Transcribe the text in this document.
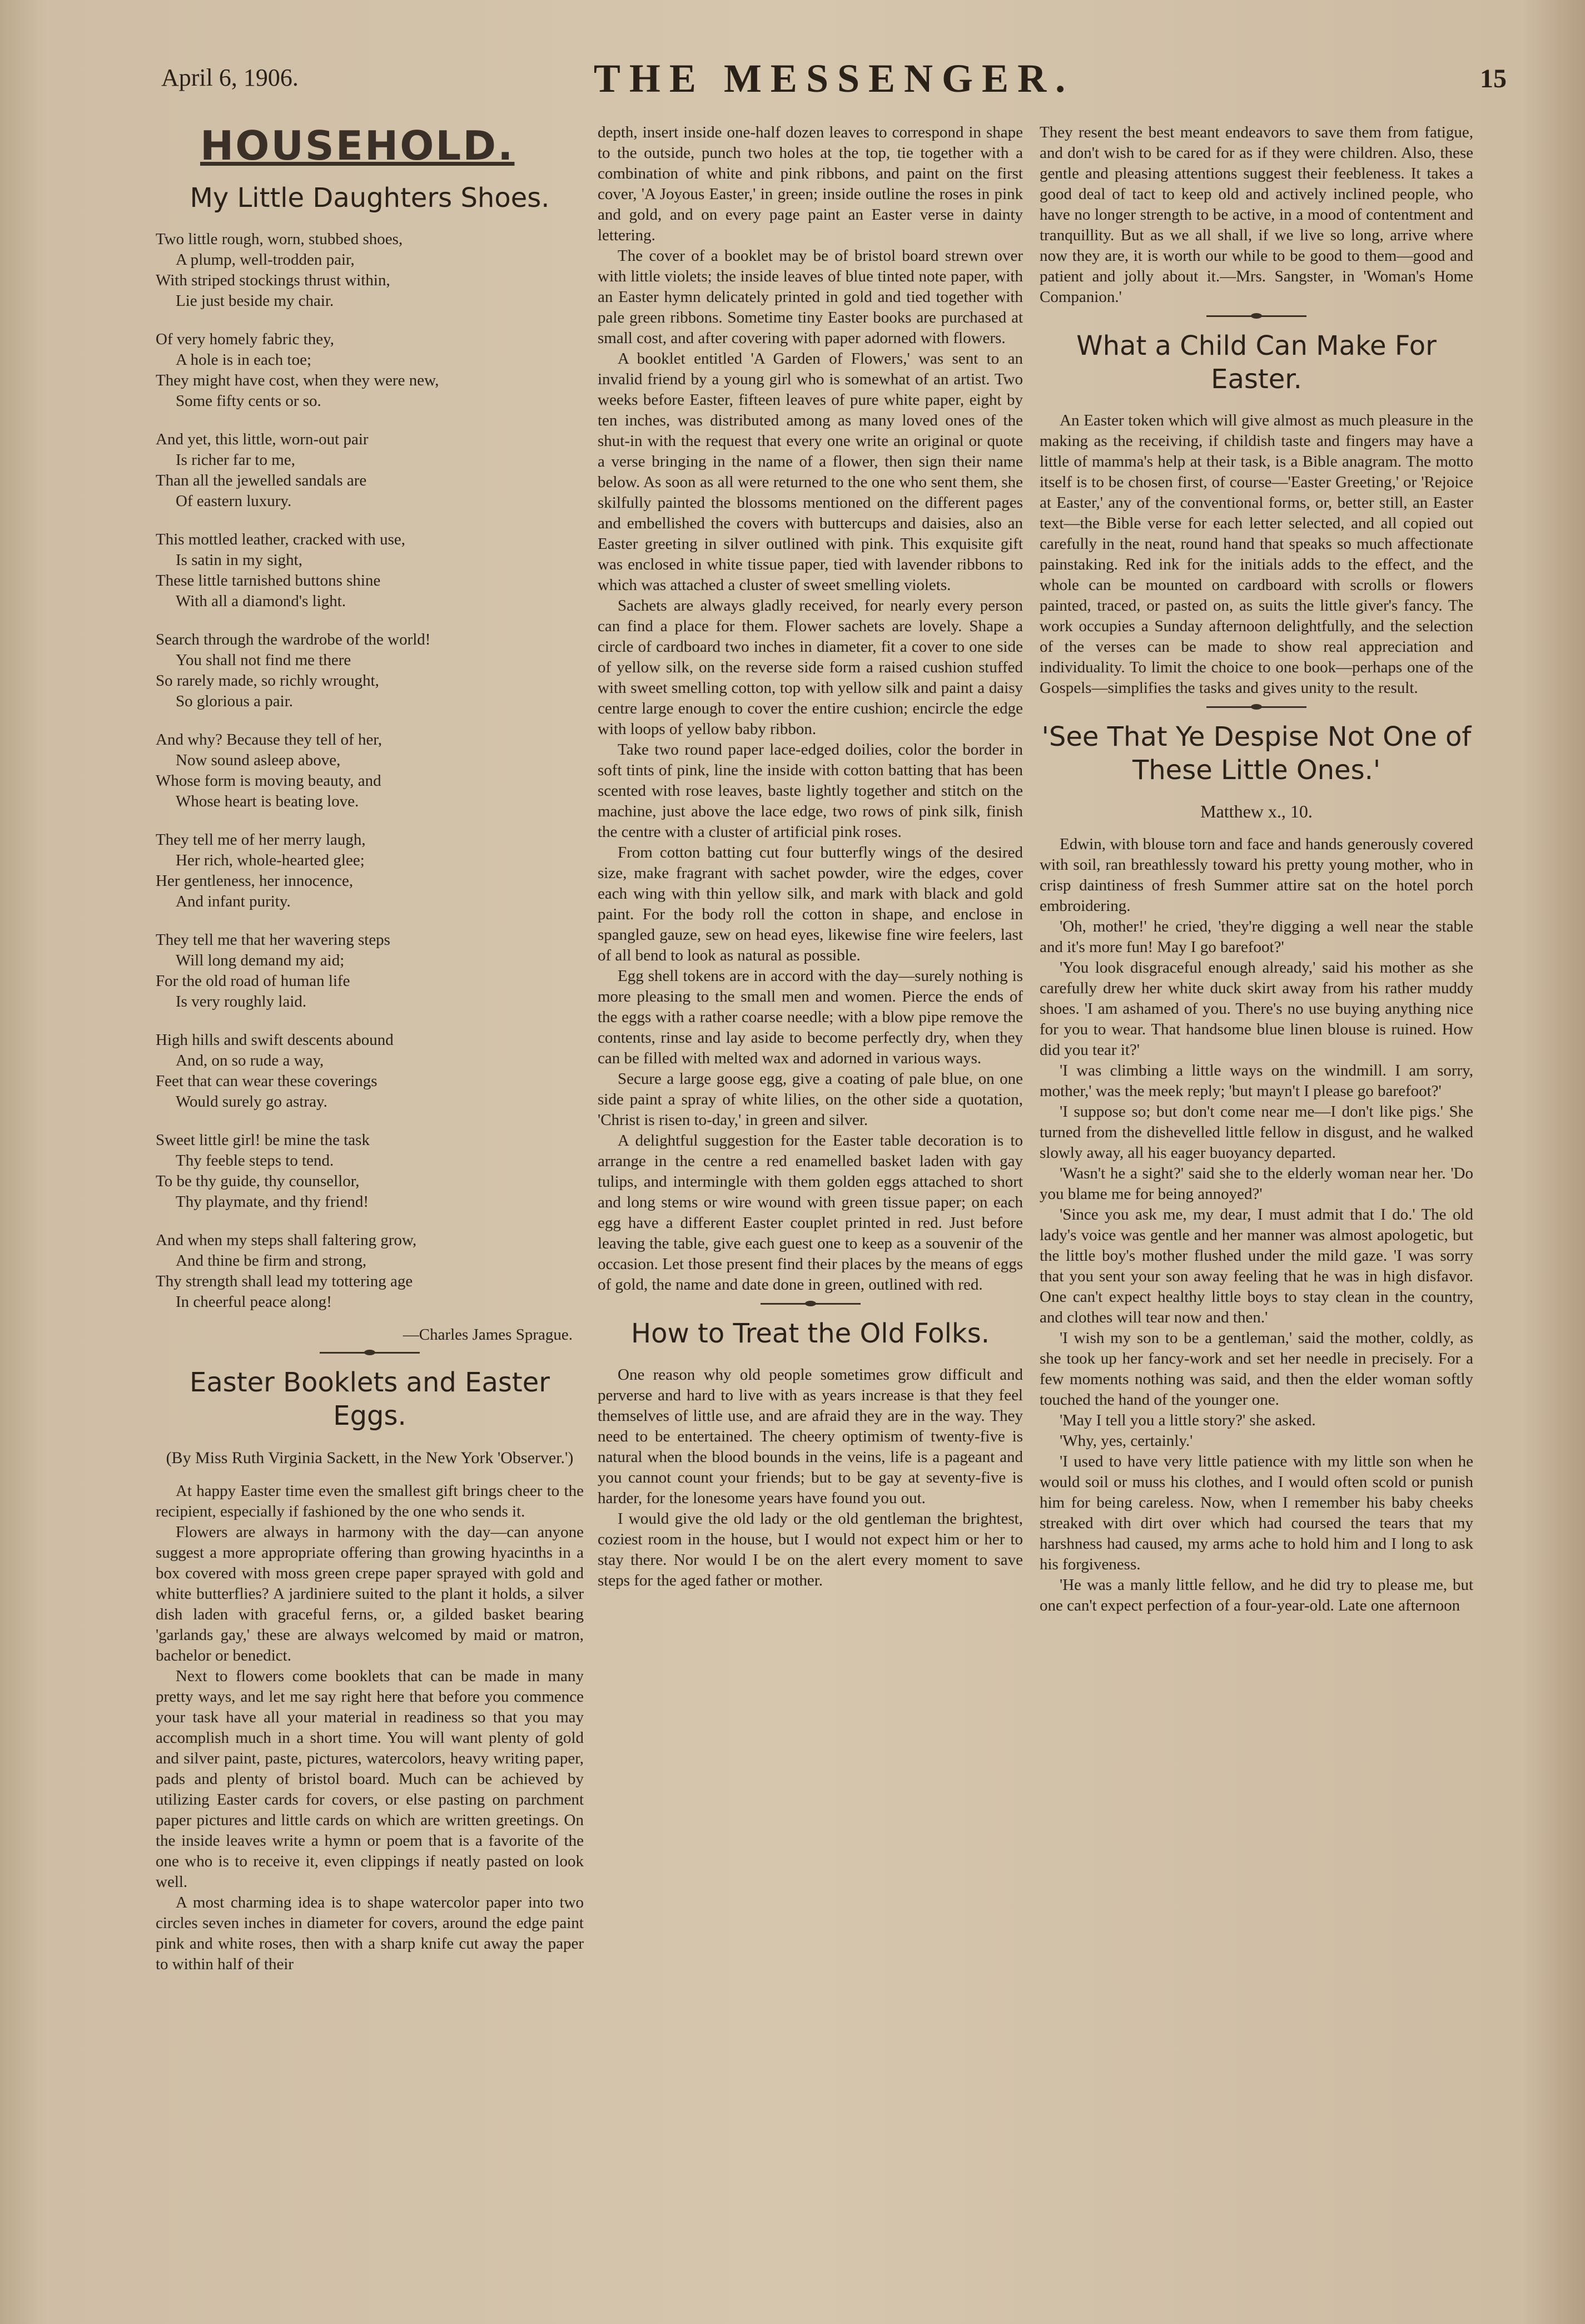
April 6, 1906.	THE MESSENGER.	15
HOUSEHOLD.
My Little Daughters Shoes.
Two little rough, worn, stubbed shoes,
A plump, well-trodden pair,
With striped stockings thrust within,
Lie just beside my chair.
Of very homely fabric they,
A hole is in each toe;
They might have cost, when they were new,
Some fifty cents or so.
And yet, this little, worn-out pair
Is richer far to me,
Than all the jewelled sandals are
Of eastern luxury.
This mottled leather, cracked with use,
Is satin in my sight,
These little tarnished buttons shine
With all a diamond's light.
Search through the wardrobe of the world!
You shall not find me there
So rarely made, so richly wrought,
So glorious a pair.
And why? Because they tell of her,
Now sound asleep above,
Whose form is moving beauty, and
Whose heart is beating love.
They tell me of her merry laugh,
Her rich, whole-hearted glee;
Her gentleness, her innocence,
And infant purity.
They tell me that her wavering steps
Will long demand my aid;
For the old road of human life
Is very roughly laid.
High hills and swift descents abound
And, on so rude a way,
Feet that can wear these coverings
Would surely go astray.
Sweet little girl! be mine the task
Thy feeble steps to tend.
To be thy guide, thy counsellor,
Thy playmate, and thy friend!
And when my steps shall faltering grow,
And thine be firm and strong,
Thy strength shall lead my tottering age
In cheerful peace along!
—Charles James Sprague.
Easter Booklets and Easter Eggs.
(By Miss Ruth Virginia Sackett, in the New York 'Observer.')

At happy Easter time even the smallest gift brings cheer to the recipient, especially if fashioned by the one who sends it.

Flowers are always in harmony with the day—can anyone suggest a more appropriate offering than growing hyacinths in a box covered with moss green crepe paper sprayed with gold and white butterflies? A jardiniere suited to the plant it holds, a silver dish laden with graceful ferns, or, a gilded basket bearing 'garlands gay,' these are always welcomed by maid or matron, bachelor or benedict.

Next to flowers come booklets that can be made in many pretty ways, and let me say right here that before you commence your task have all your material in readiness so that you may accomplish much in a short time. You will want plenty of gold and silver paint, paste, pictures, watercolors, heavy writing paper, pads and plenty of bristol board. Much can be achieved by utilizing Easter cards for covers, or else pasting on parchment paper pictures and little cards on which are written greetings. On the inside leaves write a hymn or poem that is a favorite of the one who is to receive it, even clippings if neatly pasted on look well.

A most charming idea is to shape watercolor paper into two circles seven inches in diameter for covers, around the edge paint pink and white roses, then with a sharp knife cut away the paper to within half of their

depth, insert inside one-half dozen leaves to correspond in shape to the outside, punch two holes at the top, tie together with a combination of white and pink ribbons, and paint on the first cover, 'A Joyous Easter,' in green; inside outline the roses in pink and gold, and on every page paint an Easter verse in dainty lettering.

The cover of a booklet may be of bristol board strewn over with little violets; the inside leaves of blue tinted note paper, with an Easter hymn delicately printed in gold and tied together with pale green ribbons. Sometime tiny Easter books are purchased at small cost, and after covering with paper adorned with flowers.

A booklet entitled 'A Garden of Flowers,' was sent to an invalid friend by a young girl who is somewhat of an artist. Two weeks before Easter, fifteen leaves of pure white paper, eight by ten inches, was distributed among as many loved ones of the shut-in with the request that every one write an original or quote a verse bringing in the name of a flower, then sign their name below. As soon as all were returned to the one who sent them, she skilfully painted the blossoms mentioned on the different pages and embellished the covers with buttercups and daisies, also an Easter greeting in silver outlined with pink. This exquisite gift was enclosed in white tissue paper, tied with lavender ribbons to which was attached a cluster of sweet smelling violets.

Sachets are always gladly received, for nearly every person can find a place for them. Flower sachets are lovely. Shape a circle of cardboard two inches in diameter, fit a cover to one side of yellow silk, on the reverse side form a raised cushion stuffed with sweet smelling cotton, top with yellow silk and paint a daisy centre large enough to cover the entire cushion; encircle the edge with loops of yellow baby ribbon.

Take two round paper lace-edged doilies, color the border in soft tints of pink, line the inside with cotton batting that has been scented with rose leaves, baste lightly together and stitch on the machine, just above the lace edge, two rows of pink silk, finish the centre with a cluster of artificial pink roses.

From cotton batting cut four butterfly wings of the desired size, make fragrant with sachet powder, wire the edges, cover each wing with thin yellow silk, and mark with black and gold paint. For the body roll the cotton in shape, and enclose in spangled gauze, sew on head eyes, likewise fine wire feelers, last of all bend to look as natural as possible.

Egg shell tokens are in accord with the day—surely nothing is more pleasing to the small men and women. Pierce the ends of the eggs with a rather coarse needle; with a blow pipe remove the contents, rinse and lay aside to become perfectly dry, when they can be filled with melted wax and adorned in various ways.

Secure a large goose egg, give a coating of pale blue, on one side paint a spray of white lilies, on the other side a quotation, 'Christ is risen to-day,' in green and silver.

A delightful suggestion for the Easter table decoration is to arrange in the centre a red enamelled basket laden with gay tulips, and intermingle with them golden eggs attached to short and long stems or wire wound with green tissue paper; on each egg have a different Easter couplet printed in red. Just before leaving the table, give each guest one to keep as a souvenir of the occasion. Let those present find their places by the means of eggs of gold, the name and date done in green, outlined with red.

How to Treat the Old Folks.

One reason why old people sometimes grow difficult and perverse and hard to live with as years increase is that they feel themselves of little use, and are afraid they are in the way. They need to be entertained. The cheery optimism of twenty-five is natural when the blood bounds in the veins, life is a pageant and you cannot count your friends; but to be gay at seventy-five is harder, for the lonesome years have found you out.

I would give the old lady or the old gentleman the brightest, coziest room in the house, but I would not expect him or her to stay there. Nor would I be on the alert every moment to save steps for the aged father or mother.

They resent the best meant endeavors to save them from fatigue, and don't wish to be cared for as if they were children. Also, these gentle and pleasing attentions suggest their feebleness. It takes a good deal of tact to keep old and actively inclined people, who have no longer strength to be active, in a mood of contentment and tranquillity. But as we all shall, if we live so long, arrive where now they are, it is worth our while to be good to them—good and patient and jolly about it.—Mrs. Sangster, in 'Woman's Home Companion.'

What a Child Can Make For Easter.

An Easter token which will give almost as much pleasure in the making as the receiving, if childish taste and fingers may have a little of mamma's help at their task, is a Bible anagram. The motto itself is to be chosen first, of course—'Easter Greeting,' or 'Rejoice at Easter,' any of the conventional forms, or, better still, an Easter text—the Bible verse for each letter selected, and all copied out carefully in the neat, round hand that speaks so much affectionate painstaking. Red ink for the initials adds to the effect, and the whole can be mounted on cardboard with scrolls or flowers painted, traced, or pasted on, as suits the little giver's fancy. The work occupies a Sunday afternoon delightfully, and the selection of the verses can be made to show real appreciation and individuality. To limit the choice to one book—perhaps one of the Gospels—simplifies the tasks and gives unity to the result.

'See That Ye Despise Not One of These Little Ones.'
Matthew x., 10.

Edwin, with blouse torn and face and hands generously covered with soil, ran breathlessly toward his pretty young mother, who in crisp daintiness of fresh Summer attire sat on the hotel porch embroidering.

'Oh, mother!' he cried, 'they're digging a well near the stable and it's more fun! May I go barefoot?'

'You look disgraceful enough already,' said his mother as she carefully drew her white duck skirt away from his rather muddy shoes. 'I am ashamed of you. There's no use buying anything nice for you to wear. That handsome blue linen blouse is ruined. How did you tear it?'

'I was climbing a little ways on the windmill. I am sorry, mother,' was the meek reply; 'but mayn't I please go barefoot?'

'I suppose so; but don't come near me—I don't like pigs.' She turned from the dishevelled little fellow in disgust, and he walked slowly away, all his eager buoyancy departed.

'Wasn't he a sight?' said she to the elderly woman near her. 'Do you blame me for being annoyed?'

'Since you ask me, my dear, I must admit that I do.' The old lady's voice was gentle and her manner was almost apologetic, but the little boy's mother flushed under the mild gaze. 'I was sorry that you sent your son away feeling that he was in high disfavor. One can't expect healthy little boys to stay clean in the country, and clothes will tear now and then.'

'I wish my son to be a gentleman,' said the mother, coldly, as she took up her fancy-work and set her needle in precisely. For a few moments nothing was said, and then the elder woman softly touched the hand of the younger one.

'May I tell you a little story?' she asked.

'Why, yes, certainly.'

'I used to have very little patience with my little son when he would soil or muss his clothes, and I would often scold or punish him for being careless. Now, when I remember his baby cheeks streaked with dirt over which had coursed the tears that my harshness had caused, my arms ache to hold him and I long to ask his forgiveness.

'He was a manly little fellow, and he did try to please me, but one can't expect perfection of a four-year-old. Late one afternoon
